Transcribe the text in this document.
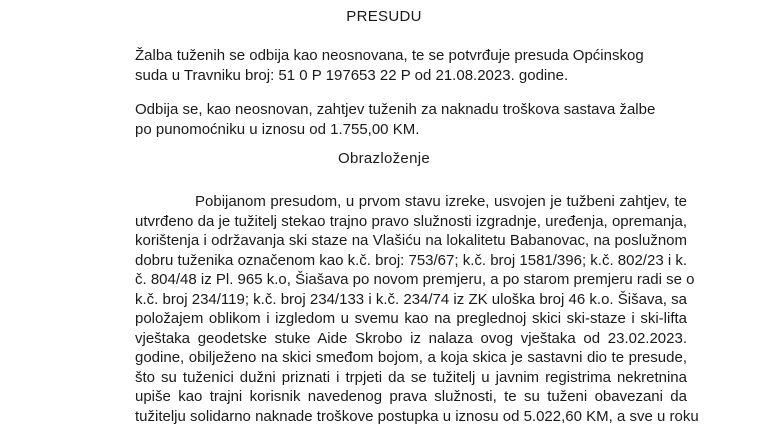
PRESUDU
Žalba tuženih se odbija kao neosnovana, te se potvrđuje presuda Općinskog
suda u Travniku broj: 51 0 P 197653 22 P od 21.08.2023. godine.
Odbija se, kao neosnovan, zahtjev tuženih za naknadu troškova sastava žalbe
po punomoćniku u iznosu od 1.755,00 KM.
Obrazloženje
Pobijanom presudom, u prvom stavu izreke, usvojen je tužbeni zahtjev, te
utvrđeno da je tužitelj stekao trajno pravo služnosti izgradnje, uređenja, opremanja,
korištenja i održavanja ski staze na Vlašiću na lokalitetu Babanovac, na poslužnom
dobru tuženika označenom kao k.č. broj: 753/67; k.č. broj 1581/396; k.č. 802/23 i k.
č. 804/48 iz Pl. 965 k.o, Šiašava po novom premjeru, a po starom premjeru radi se o
k.č. broj 234/119; k.č. broj 234/133 i k.č. 234/74 iz ZK uloška broj 46 k.o. Šišava, sa
položajem oblikom i izgledom u svemu kao na preglednoj skici ski-staze i ski-lifta
vještaka geodetske stuke Aide Skrobo iz nalaza ovog vještaka od 23.02.2023.
godine, obilježeno na skici smeđom bojom, a koja skica je sastavni dio te presude,
što su tuženici dužni priznati i trpjeti da se tužitelj u javnim registrima nekretnina
upiše kao trajni korisnik navedenog prava služnosti, te su tuženi obavezani da
tužitelju solidarno naknade troškove postupka u iznosu od 5.022,60 KM, a sve u roku
